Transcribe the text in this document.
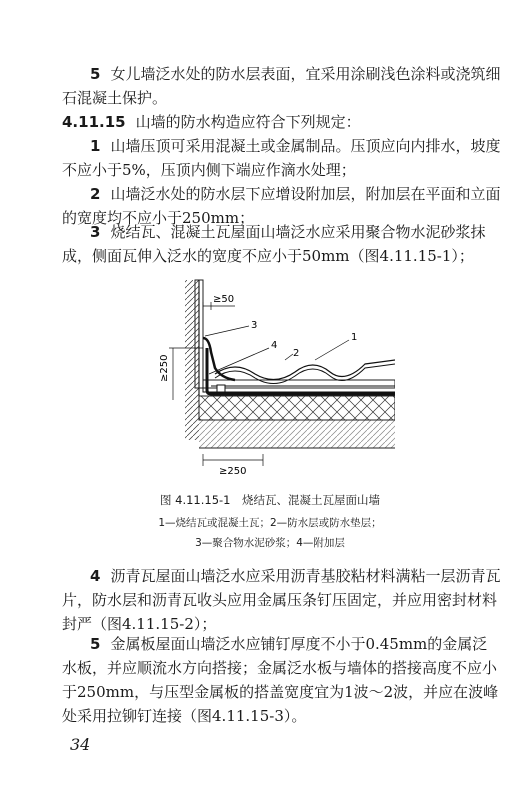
5 女儿墙泛水处的防水层表面，宜采用涂刷浅色涂料或浇筑细石混凝土保护。

4.11.15 山墙的防水构造应符合下列规定：

1 山墙压顶可采用混凝土或金属制品。压顶应向内排水，坡度不应小于5%，压顶内侧下端应作滴水处理；

2 山墙泛水处的防水层下应增设附加层，附加层在平面和立面的宽度均不应小于250mm；

3 烧结瓦、混凝土瓦屋面山墙泛水应采用聚合物水泥砂浆抹成，侧面瓦伸入泛水的宽度不应小于50mm（图4.11.15-1）；

3
4
2
1
≥50
≥250
≥250

图 4.11.15-1　烧结瓦、混凝土瓦屋面山墙

1—烧结瓦或混凝土瓦；2—防水层或防水垫层；

3—聚合物水泥砂浆；4—附加层

4 沥青瓦屋面山墙泛水应采用沥青基胶粘材料满粘一层沥青瓦片，防水层和沥青瓦收头应用金属压条钉压固定，并应用密封材料封严（图4.11.15-2）；

5 金属板屋面山墙泛水应铺钉厚度不小于0.45mm的金属泛水板，并应顺流水方向搭接；金属泛水板与墙体的搭接高度不应小于250mm，与压型金属板的搭盖宽度宜为1波～2波，并应在波峰处采用拉铆钉连接（图4.11.15-3）。

34
